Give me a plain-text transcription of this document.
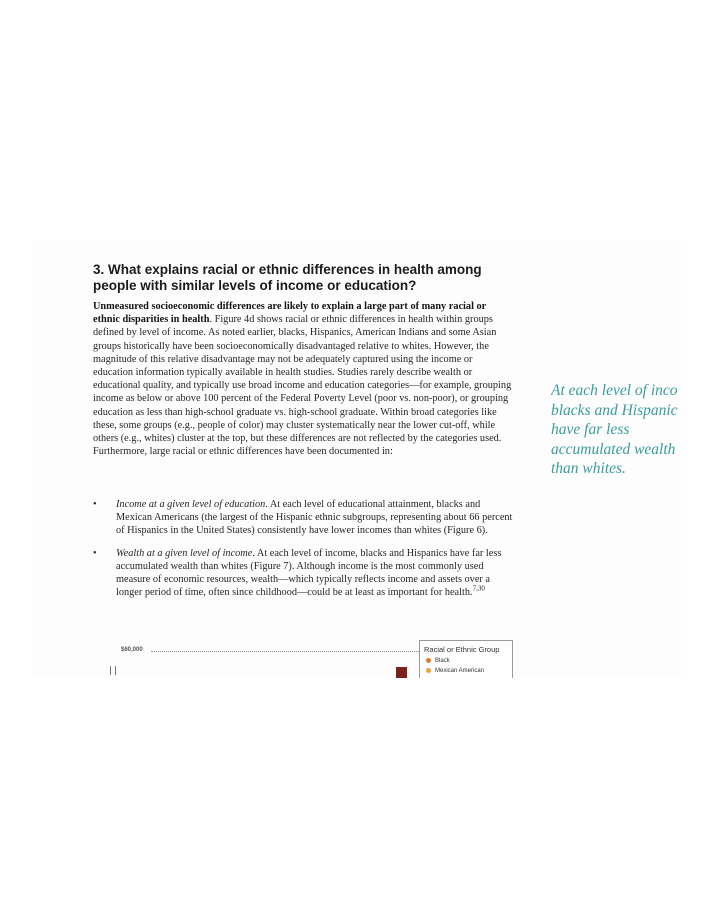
3. What explains racial or ethnic differences in health among people with similar levels of income or education?

Unmeasured socioeconomic differences are likely to explain a large part of many racial or ethnic disparities in health. Figure 4d shows racial or ethnic differences in health within groups defined by level of income. As noted earlier, blacks, Hispanics, American Indians and some Asian groups historically have been socioeconomically disadvantaged relative to whites. However, the magnitude of this relative disadvantage may not be adequately captured using the income or education information typically available in health studies. Studies rarely describe wealth or educational quality, and typically use broad income and education categories—for example, grouping income as below or above 100 percent of the Federal Poverty Level (poor vs. non-poor), or grouping education as less than high-school graduate vs. high-school graduate. Within broad categories like these, some groups (e.g., people of color) may cluster systematically near the lower cut-off, while others (e.g., whites) cluster at the top, but these differences are not reflected by the categories used. Furthermore, large racial or ethnic differences have been documented in:

• Income at a given level of education. At each level of educational attainment, blacks and Mexican Americans (the largest of the Hispanic ethnic subgroups, representing about 66 percent of Hispanics in the United States) consistently have lower incomes than whites (Figure 6).
• Wealth at a given level of income. At each level of income, blacks and Hispanics have far less accumulated wealth than whites (Figure 7). Although income is the most commonly used measure of economic resources, wealth—which typically reflects income and assets over a longer period of time, often since childhood—could be at least as important for health.$^{7,30}$
At each level of inco
blacks and Hispanic
have far less
accumulated wealth
than whites.
$60,000	Racial or Ethnic Group
Black
Mexican American
